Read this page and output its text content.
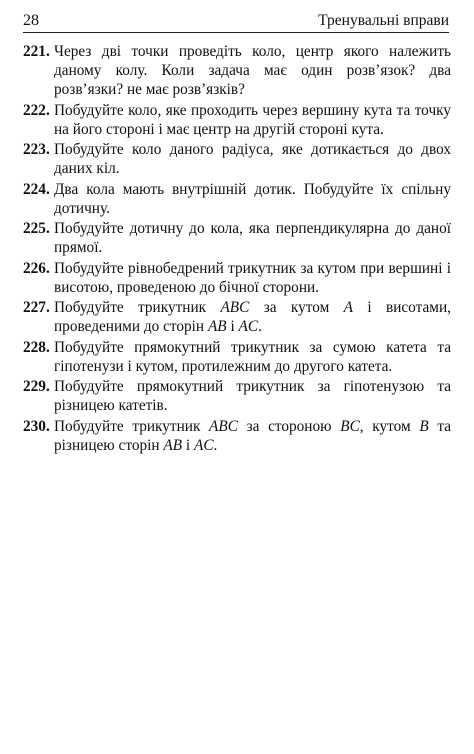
28	Тренувальні вправи
221 . Через дві точки проведіть коло, центр якого належить даному колу. Коли задача має один розв’язок? два розв’язки? не має розв’язків?
222 . Побудуйте коло, яке проходить через вершину кута та точку на його стороні і має центр на другій стороні кута.
223 . Побудуйте коло даного радіуса, яке дотикається до двох даних кіл.
224 . Два кола мають внутрішній дотик. Побудуйте їх спільну дотичну.
225 . Побудуйте дотичну до кола, яка перпендикулярна до даної прямої.
226 . Побудуйте рівнобедрений трикутник за кутом при вершині і висотою, проведеною до бічної сторони.
227 . Побудуйте трикутник ABC за кутом A і висотами, проведеними до сторін AB і AC.
228 . Побудуйте прямокутний трикутник за сумою катета та гіпотенузи і кутом, протилежним до другого катета.
229 . Побудуйте прямокутний трикутник за гіпотенузою та різницею катетів.
230 . Побудуйте трикутник ABC за стороною BC, кутом B та різницею сторін AB і AC.
